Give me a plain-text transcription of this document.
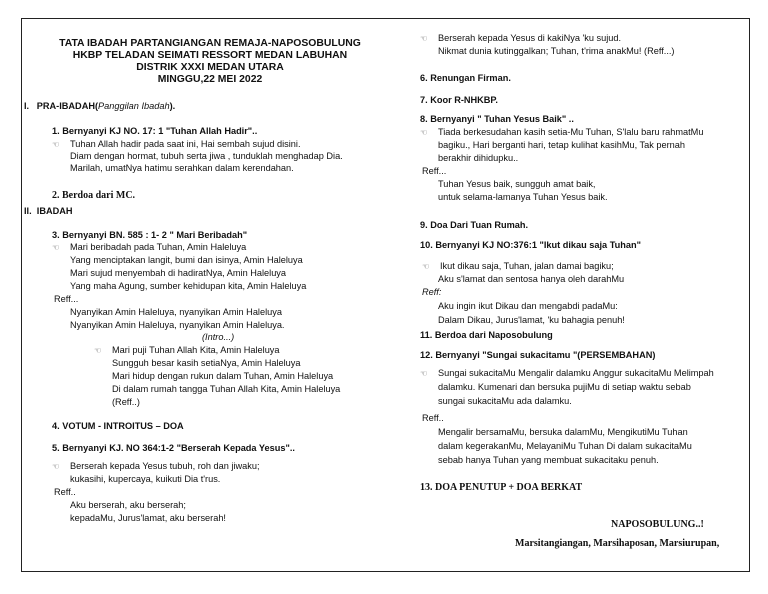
TATA IBADAH PARTANGIANGAN REMAJA-NAPOSOBULUNG
HKBP TELADAN SEIMATI RESSORT MEDAN LABUHAN
DISTRIK XXXI MEDAN UTARA
MINGGU,22 MEI 2022
I. PRA-IBADAH(Panggilan Ibadah).
1. Bernyanyi KJ NO. 17: 1 "Tuhan Allah Hadir"..
☜ Tuhan Allah hadir pada saat ini, Hai sembah sujud disini.
Diam dengan hormat, tubuh serta jiwa , tunduklah menghadap Dia.
Marilah, umatNya hatimu serahkan dalam kerendahan.
2. Berdoa dari MC.
II. IBADAH
3. Bernyanyi BN. 585 : 1- 2 " Mari Beribadah"
☜ Mari beribadah pada Tuhan, Amin Haleluya
Yang menciptakan langit, bumi dan isinya, Amin Haleluya
Mari sujud menyembah di hadiratNya, Amin Haleluya
Yang maha Agung, sumber kehidupan kita, Amin Haleluya
Reff...
Nyanyikan Amin Haleluya, nyanyikan Amin Haleluya
Nyanyikan Amin Haleluya, nyanyikan Amin Haleluya.
(Intro...)
☜ Mari puji Tuhan Allah Kita, Amin Haleluya
Sungguh besar kasih setiaNya, Amin Haleluya
Mari hidup dengan rukun dalam Tuhan, Amin Haleluya
Di dalam rumah tangga Tuhan Allah Kita, Amin Haleluya
(Reff..)
4. VOTUM - INTROITUS – DOA
5. Bernyanyi KJ. NO 364:1-2 "Berserah Kepada Yesus"..
☜ Berserah kepada Yesus tubuh, roh dan jiwaku;
kukasihi, kupercaya, kuikuti Dia t'rus.
Reff..
Aku berserah, aku berserah;
kepadaMu, Jurus'lamat, aku berserah!
☜ Berserah kepada Yesus di kakiNya 'ku sujud.
Nikmat dunia kutinggalkan; Tuhan, t'rima anakMu! (Reff...)
6. Renungan Firman.
7. Koor R-NHKBP.
8. Bernyanyi " Tuhan Yesus Baik" ..
☜ Tiada berkesudahan kasih setia-Mu Tuhan, S'lalu baru rahmatMu
bagiku., Hari berganti hari, tetap kulihat kasihMu, Tak pernah
berakhir dihidupku..
Reff...
Tuhan Yesus baik, sungguh amat baik,
untuk selama-lamanya Tuhan Yesus baik.
9. Doa Dari Tuan Rumah.
10. Bernyanyi KJ NO:376:1 "Ikut dikau saja Tuhan"
☜ Ikut dikau saja, Tuhan, jalan damai bagiku;
Aku s'lamat dan sentosa hanya oleh darahMu
Reff:
Aku ingin ikut Dikau dan mengabdi padaMu:
Dalam Dikau, Jurus'lamat, 'ku bahagia penuh!
11. Berdoa dari Naposobulung
12. Bernyanyi "Sungai sukacitamu "(PERSEMBAHAN)
☜ Sungai sukacitaMu Mengalir dalamku Anggur sukacitaMu Melimpah
dalamku. Kumenari dan bersuka pujiMu di setiap waktu sebab
sungai sukacitaMu ada dalamku.
Reff..
Mengalir bersamaMu, bersuka dalamMu, MengikutiMu Tuhan
dalam kegerakanMu, MelayaniMu Tuhan Di dalam sukacitaMu
sebab hanya Tuhan yang membuat sukacitaku penuh.
13. DOA PENUTUP + DOA BERKAT
NAPOSOBULUNG..!
Marsitangiangan, Marsihaposan, Marsiurupan,
